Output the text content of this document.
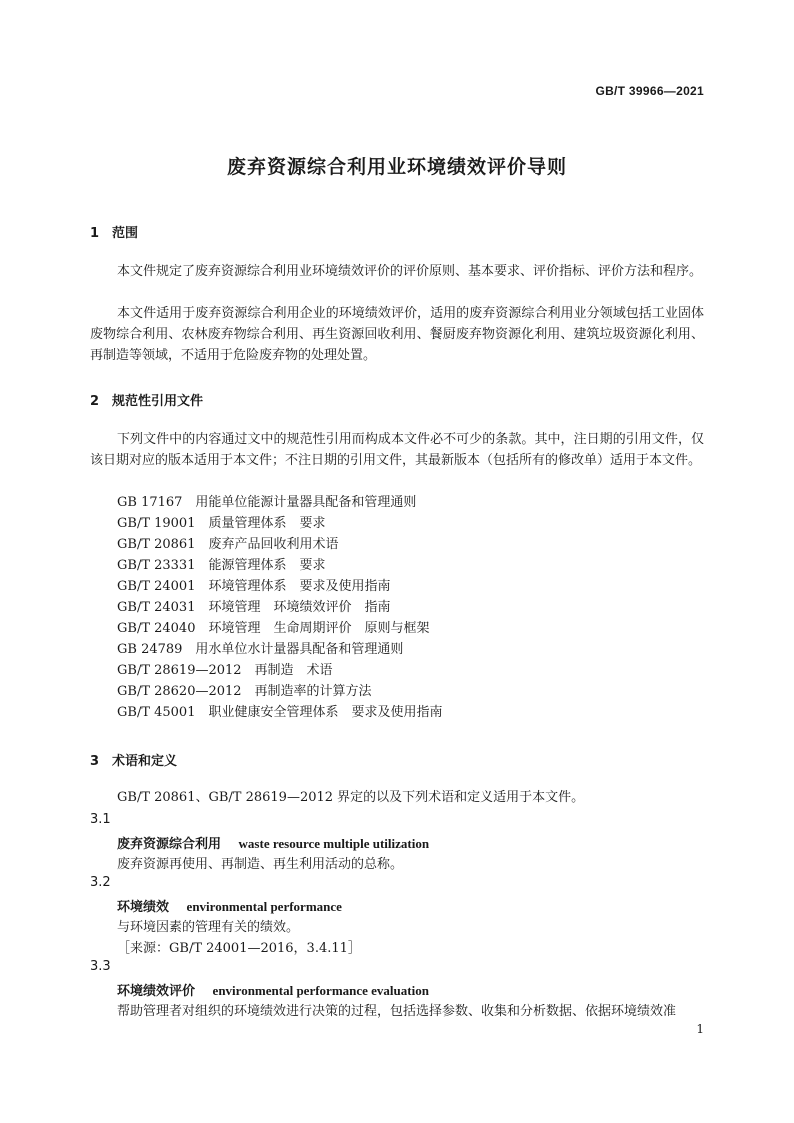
GB/T 39966—2021
废弃资源综合利用业环境绩效评价导则
1 范围
本文件规定了废弃资源综合利用业环境绩效评价的评价原则、基本要求、评价指标、评价方法和程序。
本文件适用于废弃资源综合利用企业的环境绩效评价，适用的废弃资源综合利用业分领域包括工业固体废物综合利用、农林废弃物综合利用、再生资源回收利用、餐厨废弃物资源化利用、建筑垃圾资源化利用、再制造等领域，不适用于危险废弃物的处理处置。
2 规范性引用文件
下列文件中的内容通过文中的规范性引用而构成本文件必不可少的条款。其中，注日期的引用文件，仅该日期对应的版本适用于本文件；不注日期的引用文件，其最新版本（包括所有的修改单）适用于本文件。
GB 17167　用能单位能源计量器具配备和管理通则
GB/T 19001　质量管理体系　要求
GB/T 20861　废弃产品回收利用术语
GB/T 23331　能源管理体系　要求
GB/T 24001　环境管理体系　要求及使用指南
GB/T 24031　环境管理　环境绩效评价　指南
GB/T 24040　环境管理　生命周期评价　原则与框架
GB 24789　用水单位水计量器具配备和管理通则
GB/T 28619—2012　再制造　术语
GB/T 28620—2012　再制造率的计算方法
GB/T 45001　职业健康安全管理体系　要求及使用指南
3 术语和定义
GB/T 20861、GB/T 28619—2012 界定的以及下列术语和定义适用于本文件。
3.1
废弃资源综合利用　 waste resource multiple utilization
废弃资源再使用、再制造、再生利用活动的总称。
3.2
环境绩效　 environmental performance
与环境因素的管理有关的绩效。
［来源：GB/T 24001—2016，3.4.11］
3.3
环境绩效评价　 environmental performance evaluation
帮助管理者对组织的环境绩效进行决策的过程，包括选择参数、收集和分析数据、依据环境绩效准
1
